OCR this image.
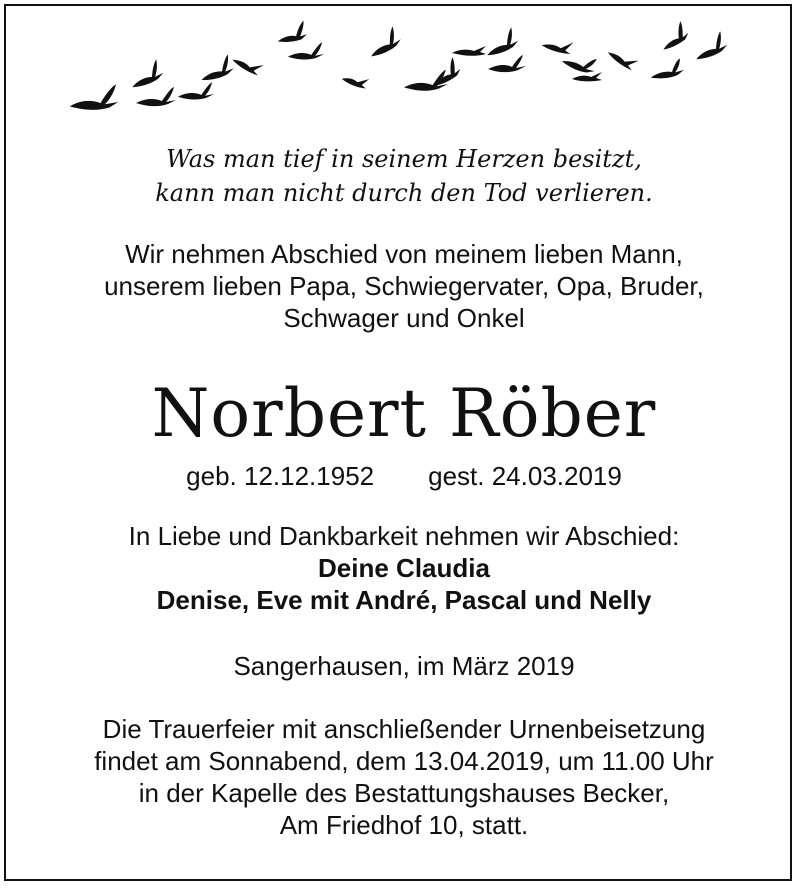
Was man tief in seinem Herzen besitzt,
kann man nicht durch den Tod verlieren.
Wir nehmen Abschied von meinem lieben Mann,
unserem lieben Papa, Schwiegervater, Opa, Bruder,
Schwager und Onkel
Norbert Röber
geb. 12.12.1952 gest. 24.03.2019
In Liebe und Dankbarkeit nehmen wir Abschied:
Deine Claudia
Denise, Eve mit André, Pascal und Nelly
Sangerhausen, im März 2019
Die Trauerfeier mit anschließender Urnenbeisetzung
findet am Sonnabend, dem 13.04.2019, um 11.00 Uhr
in der Kapelle des Bestattungshauses Becker,
Am Friedhof 10, statt.
